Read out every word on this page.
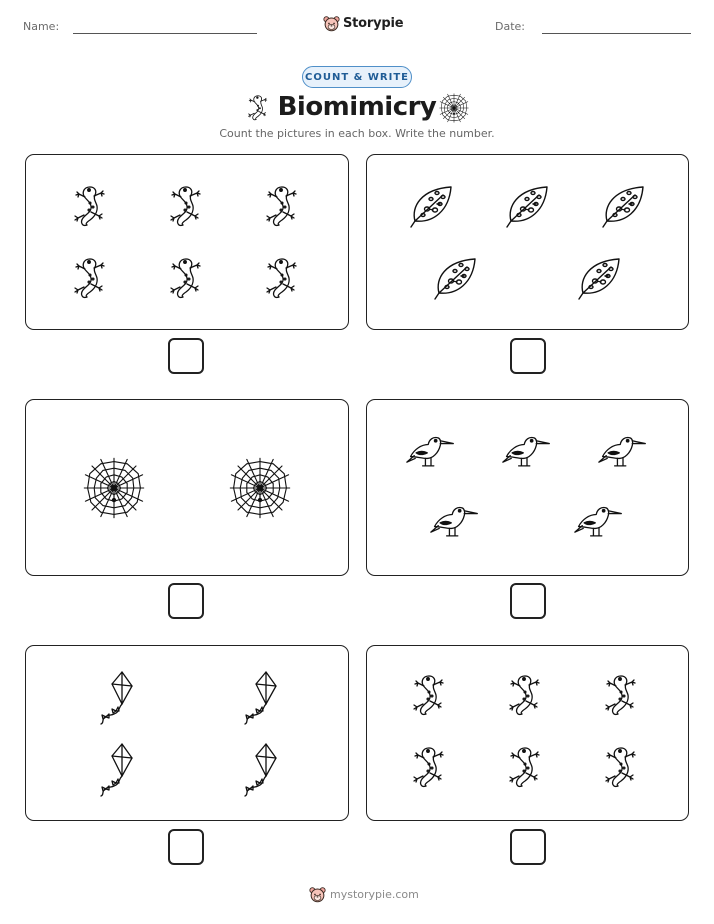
Name:	Storypie	Date:
COUNT & WRITE
Biomimicry
Count the pictures in each box. Write the number.
mystorypie.com
